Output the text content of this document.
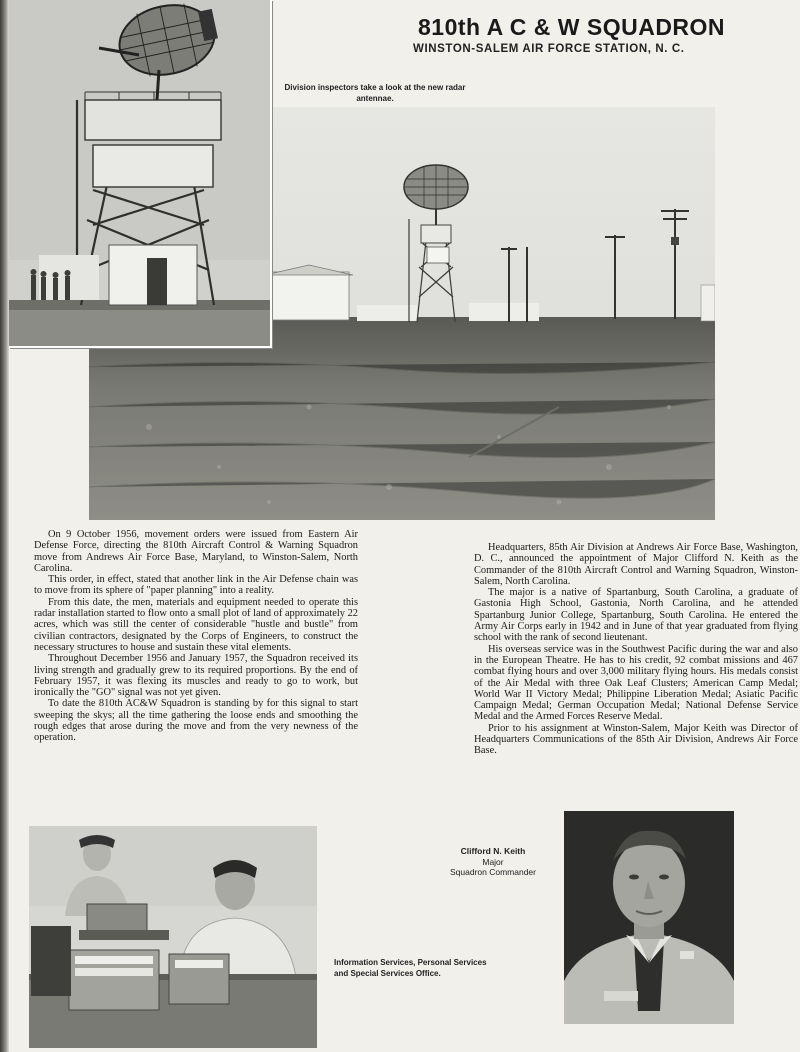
810th A C & W SQUADRON
WINSTON-SALEM AIR FORCE STATION, N. C.
Division inspectors take a look at the new radar antennae.

On 9 October 1956, movement orders were issued from Eastern Air Defense Force, directing the 810th Aircraft Control & Warning Squadron move from Andrews Air Force Base, Maryland, to Winston-Salem, North Carolina.

This order, in effect, stated that another link in the Air Defense chain was to move from its sphere of "paper planning" into a reality.

From this date, the men, materials and equipment needed to operate this radar installation started to flow onto a small plot of land of approximately 22 acres, which was still the center of considerable "hustle and bustle" from civilian contractors, designated by the Corps of Engineers, to construct the necessary structures to house and sustain these vital elements.

Throughout December 1956 and January 1957, the Squadron received its living strength and gradually grew to its required proportions. By the end of February 1957, it was flexing its muscles and ready to go to work, but ironically the "GO" signal was not yet given.

To date the 810th AC&W Squadron is standing by for this signal to start sweeping the skys; all the time gathering the loose ends and smoothing the rough edges that arose during the move and from the very newness of the operation.

Headquarters, 85th Air Division at Andrews Air Force Base, Washington, D. C., announced the appointment of Major Clifford N. Keith as the Commander of the 810th Aircraft Control and Warning Squadron, Winston-Salem, North Carolina.

The major is a native of Spartanburg, South Carolina, a graduate of Gastonia High School, Gastonia, North Carolina, and he attended Spartanburg Junior College, Spartanburg, South Carolina. He entered the Army Air Corps early in 1942 and in June of that year graduated from flying school with the rank of second lieutenant.

His overseas service was in the Southwest Pacific during the war and also in the European Theatre. He has to his credit, 92 combat missions and 467 combat flying hours and over 3,000 military flying hours. His medals consist of the Air Medal with three Oak Leaf Clusters; American Camp Medal; World War II Victory Medal; Philippine Liberation Medal; Asiatic Pacific Campaign Medal; German Occupation Medal; National Defense Service Medal and the Armed Forces Reserve Medal.

Prior to his assignment at Winston-Salem, Major Keith was Director of Headquarters Communications of the 85th Air Division, Andrews Air Force Base.

Information Services, Personal Services and Special Services Office.
Clifford N. Keith
Major
Squadron Commander
